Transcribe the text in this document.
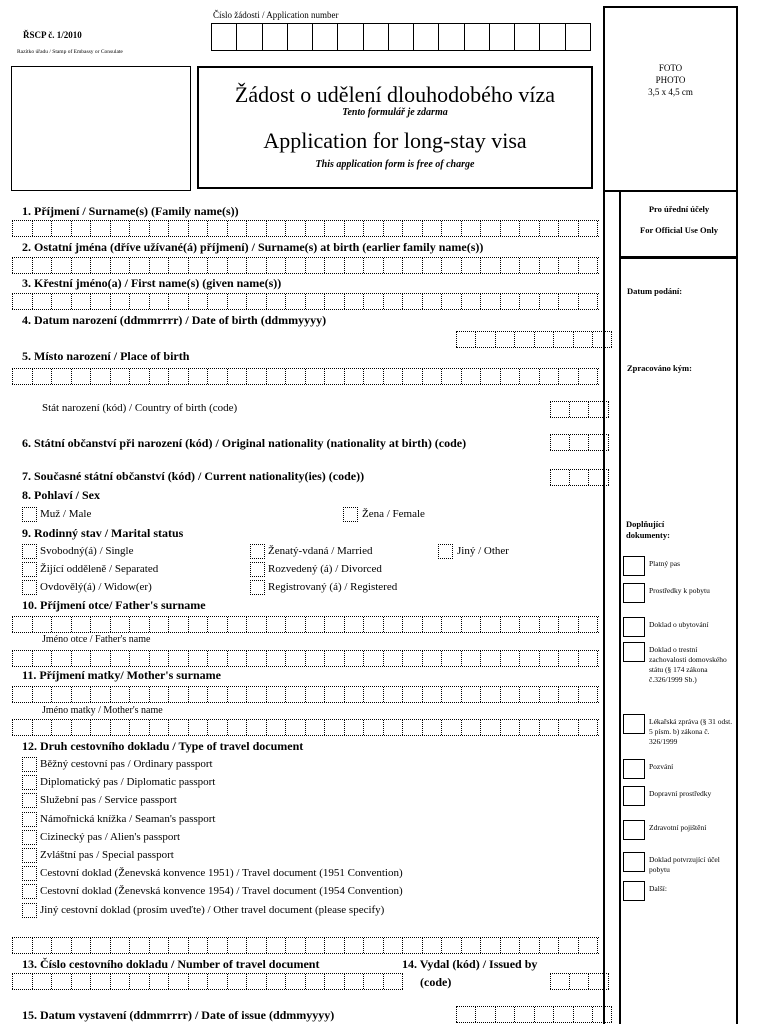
ŘSCP č. 1/2010
Razítko úřadu / Stamp of Embassy or Consulate
Číslo žádosti / Application number
Žádost o udělení dlouhodobého víza
Tento formulář je zdarma
Application for long-stay visa
This application form is free of charge
FOTO
PHOTO
3,5 x 4,5 cm
Pro úřední účely
For Official Use Only
Datum podání:
Zpracováno kým:
Doplňující dokumenty:
Platný pas
Prostředky k pobytu
Doklad o ubytování
Doklad o trestní zachovalosti domovského státu (§ 174 zákona č.326/1999 Sb.)
Lékařská zpráva (§ 31 odst. 5 písm. b) zákona č. 326/1999
Pozvání
Dopravní prostředky
Zdravotní pojištění
Doklad potvrzující účel pobytu
Další:
1. Příjmení / Surname(s) (Family name(s))
2. Ostatní jména (dříve užívané(á) příjmení) / Surname(s) at birth (earlier family name(s))
3. Křestní jméno(a) / First name(s) (given name(s))
4. Datum narození (ddmmrrrr) / Date of birth (ddmmyyyy)
5. Místo narození / Place of birth
Stát narození (kód) / Country of birth (code)
6. Státní občanství při narození (kód) / Original nationality (nationality at birth) (code)
7. Současné státní občanství (kód) / Current nationality(ies) (code))
8. Pohlaví / Sex
Muž / Male	Žena / Female
9. Rodinný stav / Marital status
Svobodný(á) / Single	Ženatý-vdaná / Married	Jiný / Other
Žijící odděleně / Separated	Rozvedený (á) / Divorced
Ovdovělý(á) / Widow(er)	Registrovaný (á) / Registered
10. Příjmení otce/ Father's surname
Jméno otce / Father's name
11. Příjmení matky/ Mother's surname
Jméno matky / Mother's name
12. Druh cestovního dokladu / Type of travel document
Běžný cestovní pas / Ordinary passport
Diplomatický pas / Diplomatic passport
Služební pas / Service passport
Námořnická knížka / Seaman's passport
Cizinecký pas / Alien's passport
Zvláštní pas / Special passport
Cestovní doklad (Ženevská konvence 1951) / Travel document (1951 Convention)
Cestovní doklad (Ženevská konvence 1954) / Travel document (1954 Convention)
Jiný cestovní doklad (prosím uveďte) / Other travel document (please specify)
13. Číslo cestovního dokladu / Number of travel document	14. Vydal (kód) / Issued by
(code)
15. Datum vystavení (ddmmrrrr) / Date of issue (ddmmyyyy)
